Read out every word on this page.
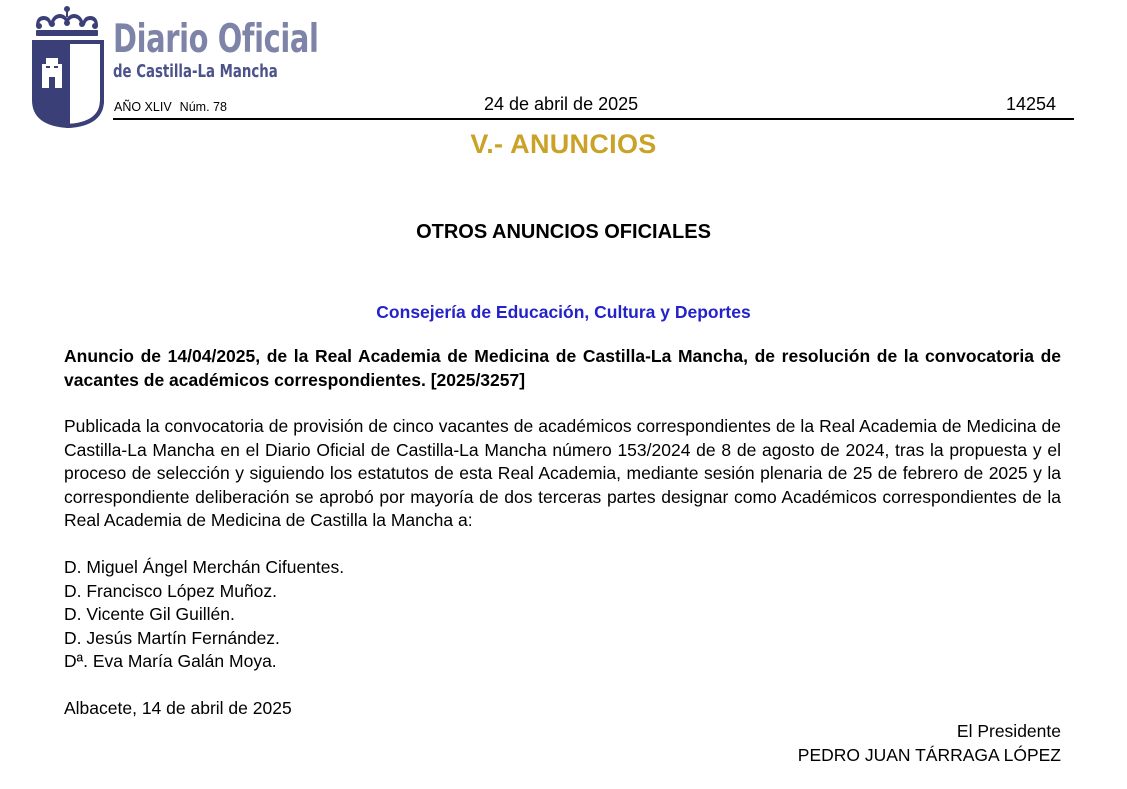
Diario Oficial
de Castilla-La Mancha
AÑO XLIV Núm. 78	24 de abril de 2025	14254
V.- ANUNCIOS
OTROS ANUNCIOS OFICIALES
Consejería de Educación, Cultura y Deportes
Anuncio de 14/04/2025, de la Real Academia de Medicina de Castilla-La Mancha, de resolución de la convocatoria de vacantes de académicos correspondientes. [2025/3257]
Publicada la convocatoria de provisión de cinco vacantes de académicos correspondientes de la Real Academia de Medicina de Castilla-La Mancha en el Diario Oficial de Castilla-La Mancha número 153/2024 de 8 de agosto de 2024, tras la propuesta y el proceso de selección y siguiendo los estatutos de esta Real Academia, mediante sesión plenaria de 25 de febrero de 2025 y la correspondiente deliberación se aprobó por mayoría de dos terceras partes designar como Académicos correspondientes de la Real Academia de Medicina de Castilla la Mancha a:
D. Miguel Ángel Merchán Cifuentes.
D. Francisco López Muñoz.
D. Vicente Gil Guillén.
D. Jesús Martín Fernández.
Dª. Eva María Galán Moya.
Albacete, 14 de abril de 2025
El Presidente
PEDRO JUAN TÁRRAGA LÓPEZ
